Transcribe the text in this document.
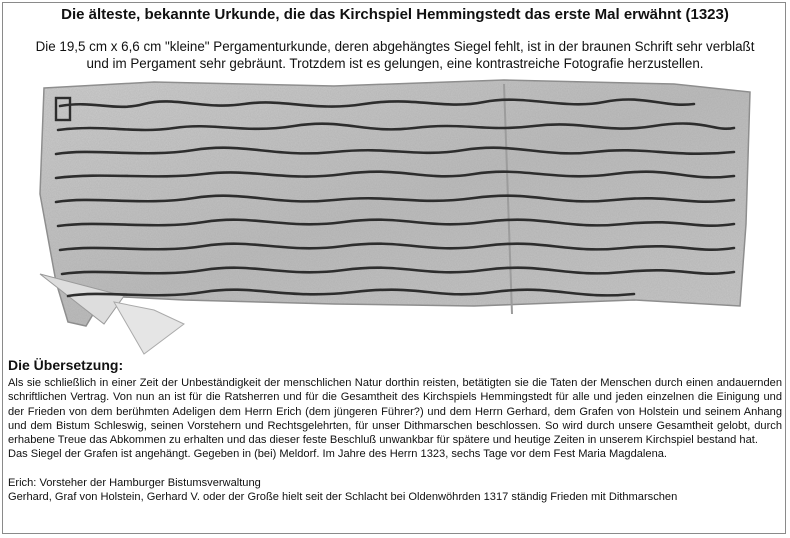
Die älteste, bekannte Urkunde, die das Kirchspiel Hemmingstedt das erste Mal erwähnt (1323)
Die 19,5 cm x 6,6 cm "kleine" Pergamenturkunde, deren abgehängtes Siegel fehlt, ist in der braunen Schrift sehr verblaßt
und im Pergament sehr gebräunt. Trotzdem ist es gelungen, eine kontrastreiche Fotografie herzustellen.
Die Übersetzung:

Als sie schließlich in einer Zeit der Unbeständigkeit der menschlichen Natur dorthin reisten, betätigten sie die Taten der Menschen durch einen andauernden schriftlichen Vertrag. Von nun an ist für die Ratsherren und für die Gesamtheit des Kirchspiels Hemmingstedt für alle und jeden einzelnen die Einigung und der Frieden von dem berühmten Adeligen dem Herrn Erich (dem jüngeren Führer?) und dem Herrn Gerhard, dem Grafen von Holstein und seinem Anhang und dem Bistum Schleswig, seinen Vorstehern und Rechtsgelehrten, für unser Dithmarschen beschlossen. So wird durch unsere Gesamtheit gelobt, durch erhabene Treue das Abkommen zu erhalten und das dieser feste Beschluß unwankbar für spätere und heutige Zeiten in unserem Kirchspiel bestand hat.

Das Siegel der Grafen ist angehängt. Gegeben in (bei) Meldorf. Im Jahre des Herrn 1323, sechs Tage vor dem Fest Maria Magdalena.

Erich: Vorsteher der Hamburger Bistumsverwaltung

Gerhard, Graf von Holstein, Gerhard V. oder der Große hielt seit der Schlacht bei Oldenwöhrden 1317 ständig Frieden mit Dithmarschen
